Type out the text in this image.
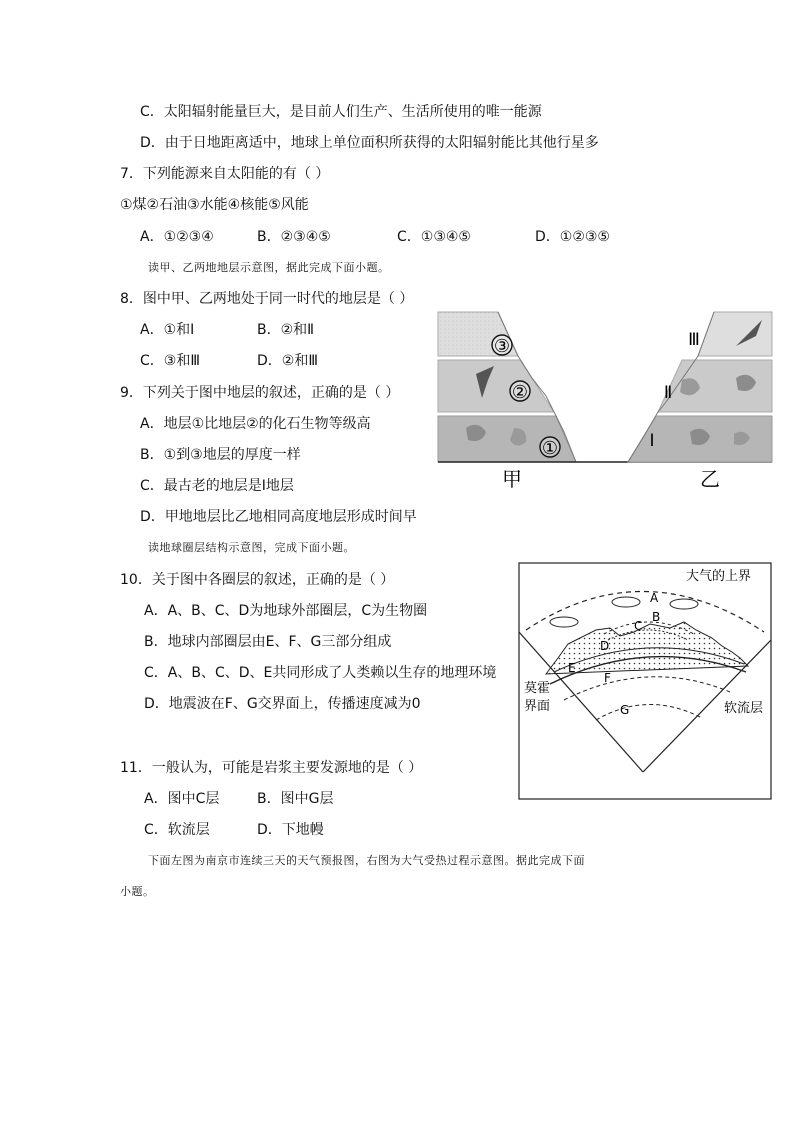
C．太阳辐射能量巨大，是目前人们生产、生活所使用的唯一能源
D．由于日地距离适中，地球上单位面积所获得的太阳辐射能比其他行星多
7．下列能源来自太阳能的有（ ）
①煤②石油③水能④核能⑤风能
A．①②③④	B．②③④⑤	C．①③④⑤	D．①②③⑤
读甲、乙两地地层示意图，据此完成下面小题。
8．图中甲、乙两地处于同一时代的地层是（ ）
A．①和Ⅰ	B．②和Ⅱ
C．③和Ⅲ	D．②和Ⅲ
9．下列关于图中地层的叙述，正确的是（ ）
A．地层①比地层②的化石生物等级高
B．①到③地层的厚度一样
C．最古老的地层是Ⅰ地层
D．甲地地层比乙地相同高度地层形成时间早
读地球圈层结构示意图，完成下面小题。
10．关于图中各圈层的叙述，正确的是（ ）
A．A、B、C、D为地球外部圈层，C为生物圈
B．地球内部圈层由E、F、G三部分组成
C．A、B、C、D、E共同形成了人类赖以生存的地理环境
D．地震波在F、G交界面上，传播速度减为0
11．一般认为，可能是岩浆主要发源地的是（ ）
A．图中C层	B．图中G层
C．软流层	D．下地幔
下面左图为南京市连续三天的天气预报图，右图为大气受热过程示意图。据此完成下面
小题。
③
②
①
Ⅲ
Ⅱ
Ⅰ
甲	乙
大气的上界
A
B
C
D
E
F
G
莫霍
界面	软流层
